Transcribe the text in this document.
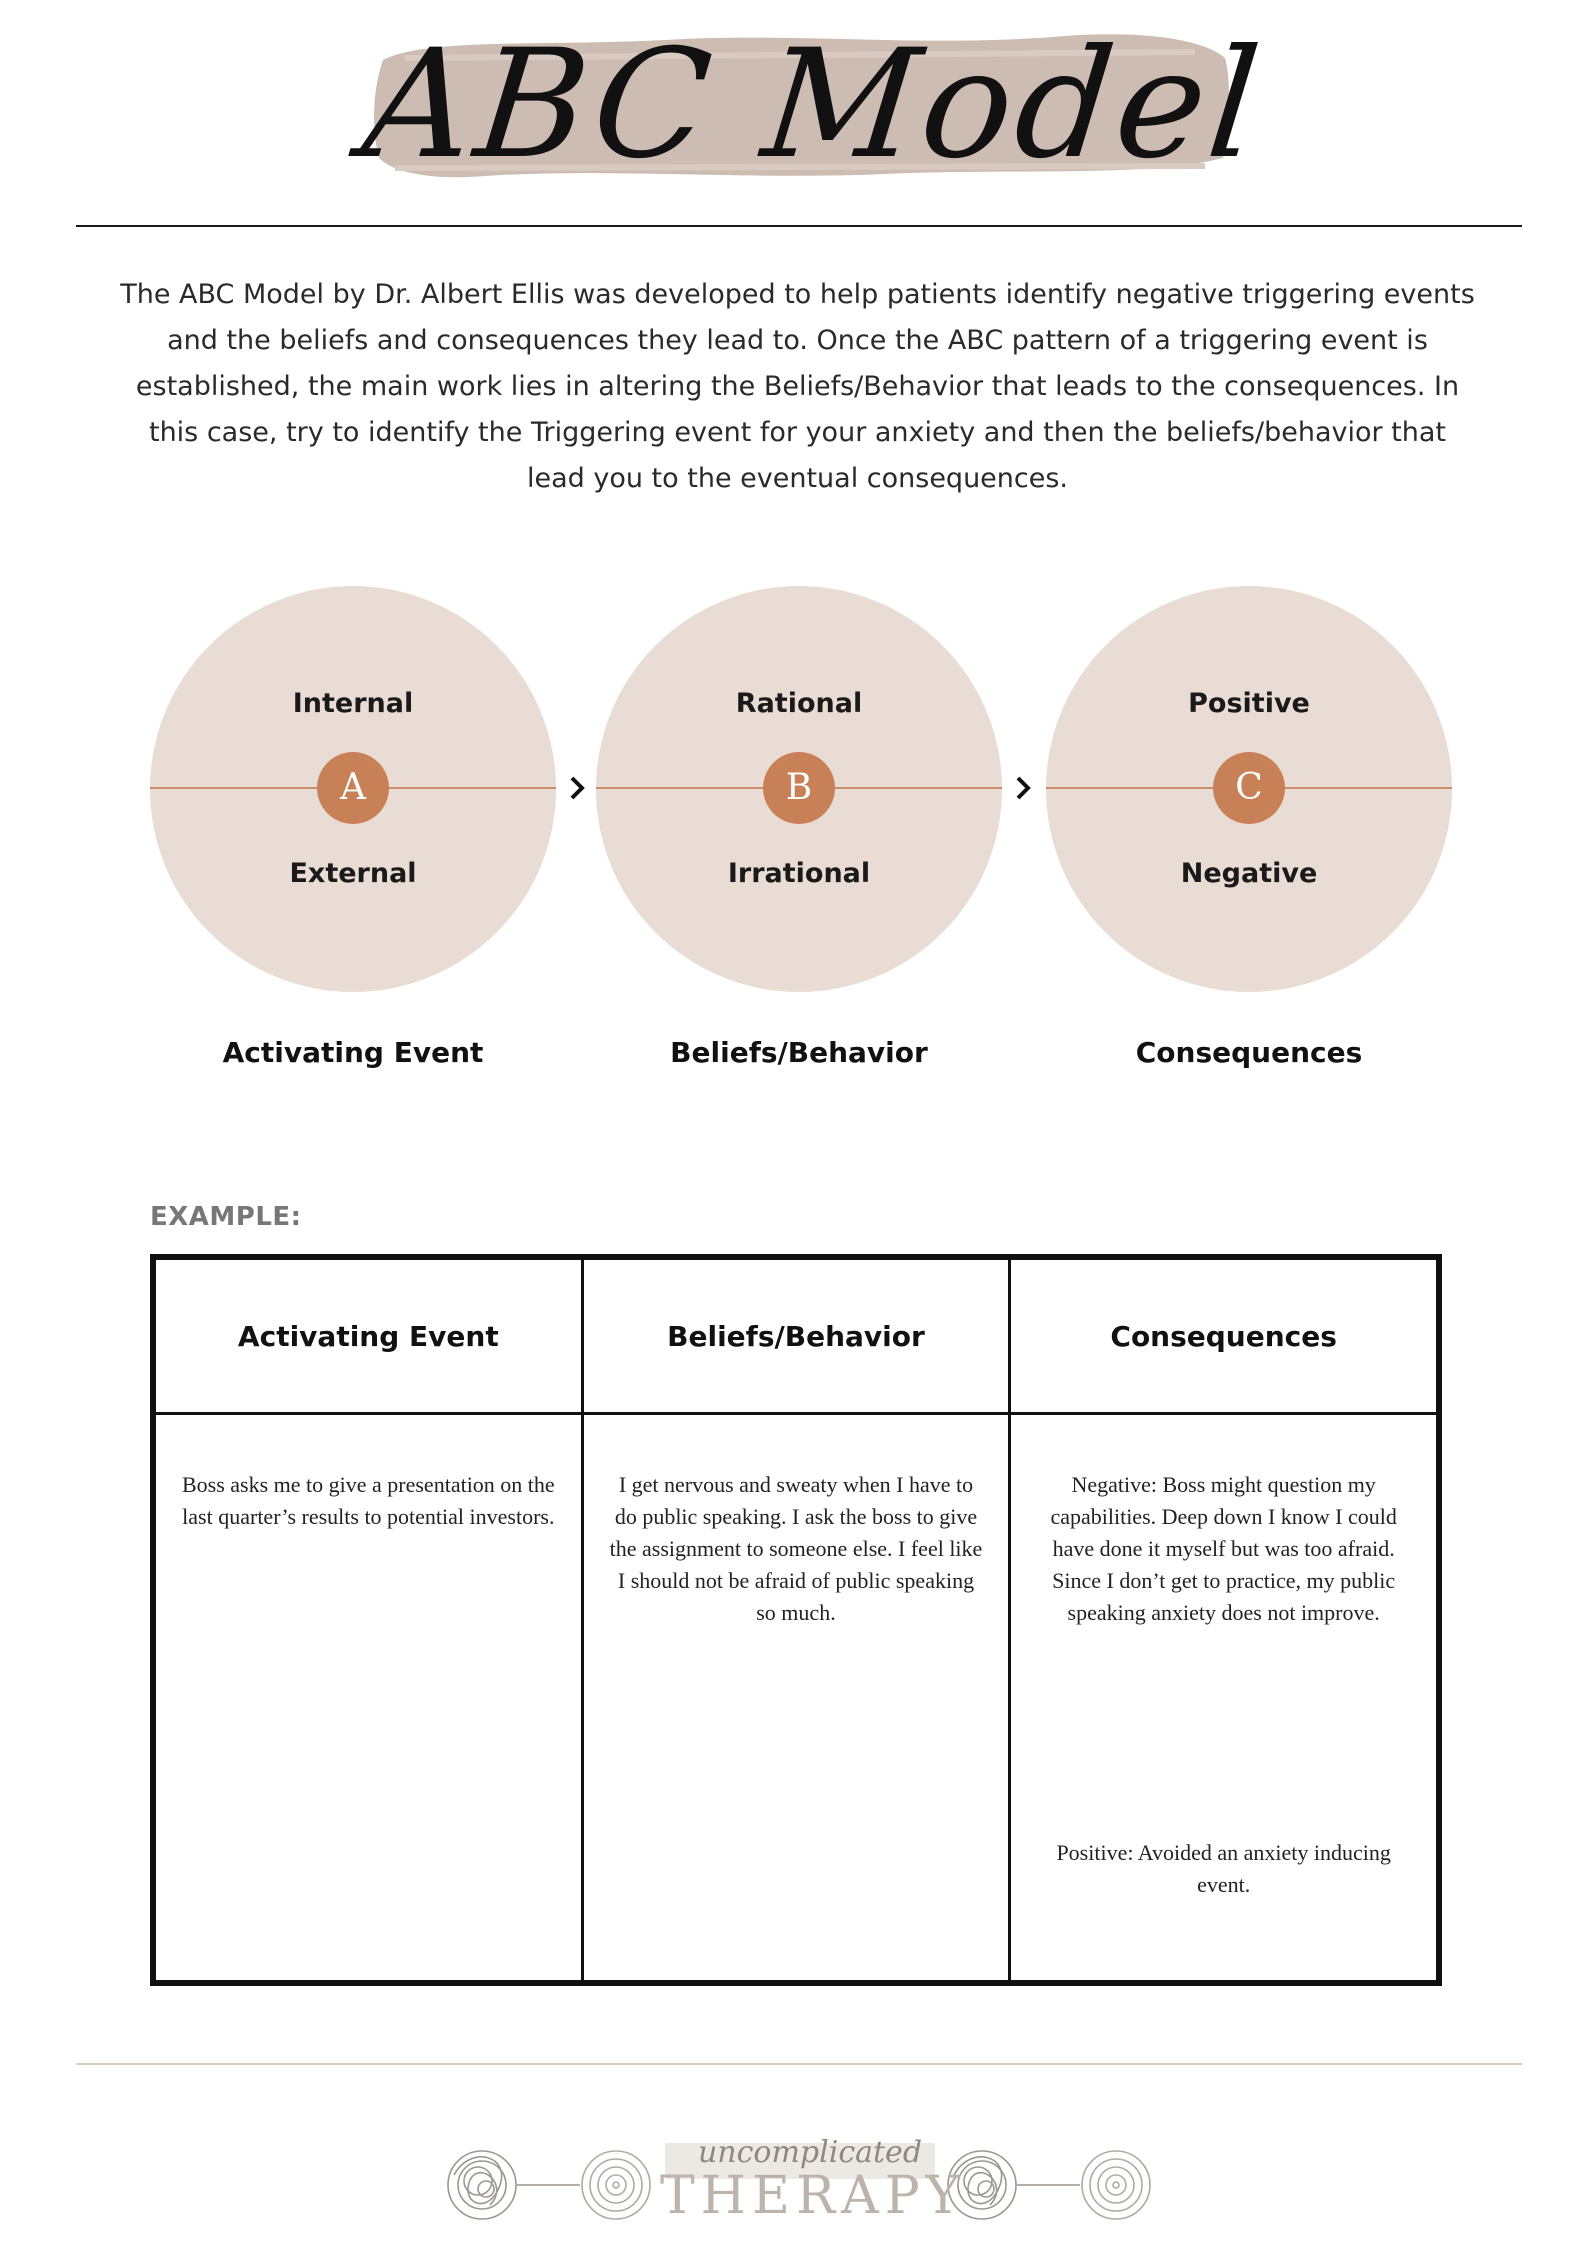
ABC Model

The ABC Model by Dr. Albert Ellis was developed to help patients identify negative triggering events and the beliefs and consequences they lead to. Once the ABC pattern of a triggering event is established, the main work lies in altering the Beliefs/Behavior that leads to the consequences. In this case, try to identify the Triggering event for your anxiety and then the beliefs/behavior that lead you to the eventual consequences.

Internal
A
External
Activating Event
Rational
B
Irrational
Beliefs/Behavior
Positive
C
Negative
Consequences
EXAMPLE:
Activating Event	Beliefs/Behavior	Consequences
Boss asks me to give a presentation on the last quarter’s results to potential investors.	I get nervous and sweaty when I have to do public speaking. I ask the boss to give the assignment to someone else. I feel like I should not be afraid of public speaking so much.	Negative: Boss might question my capabilities. Deep down I know I could have done it myself but was too afraid. Since I don’t get to practice, my public speaking anxiety does not improve.
Positive: Avoided an anxiety inducing event.
uncomplicated
THERAPY
